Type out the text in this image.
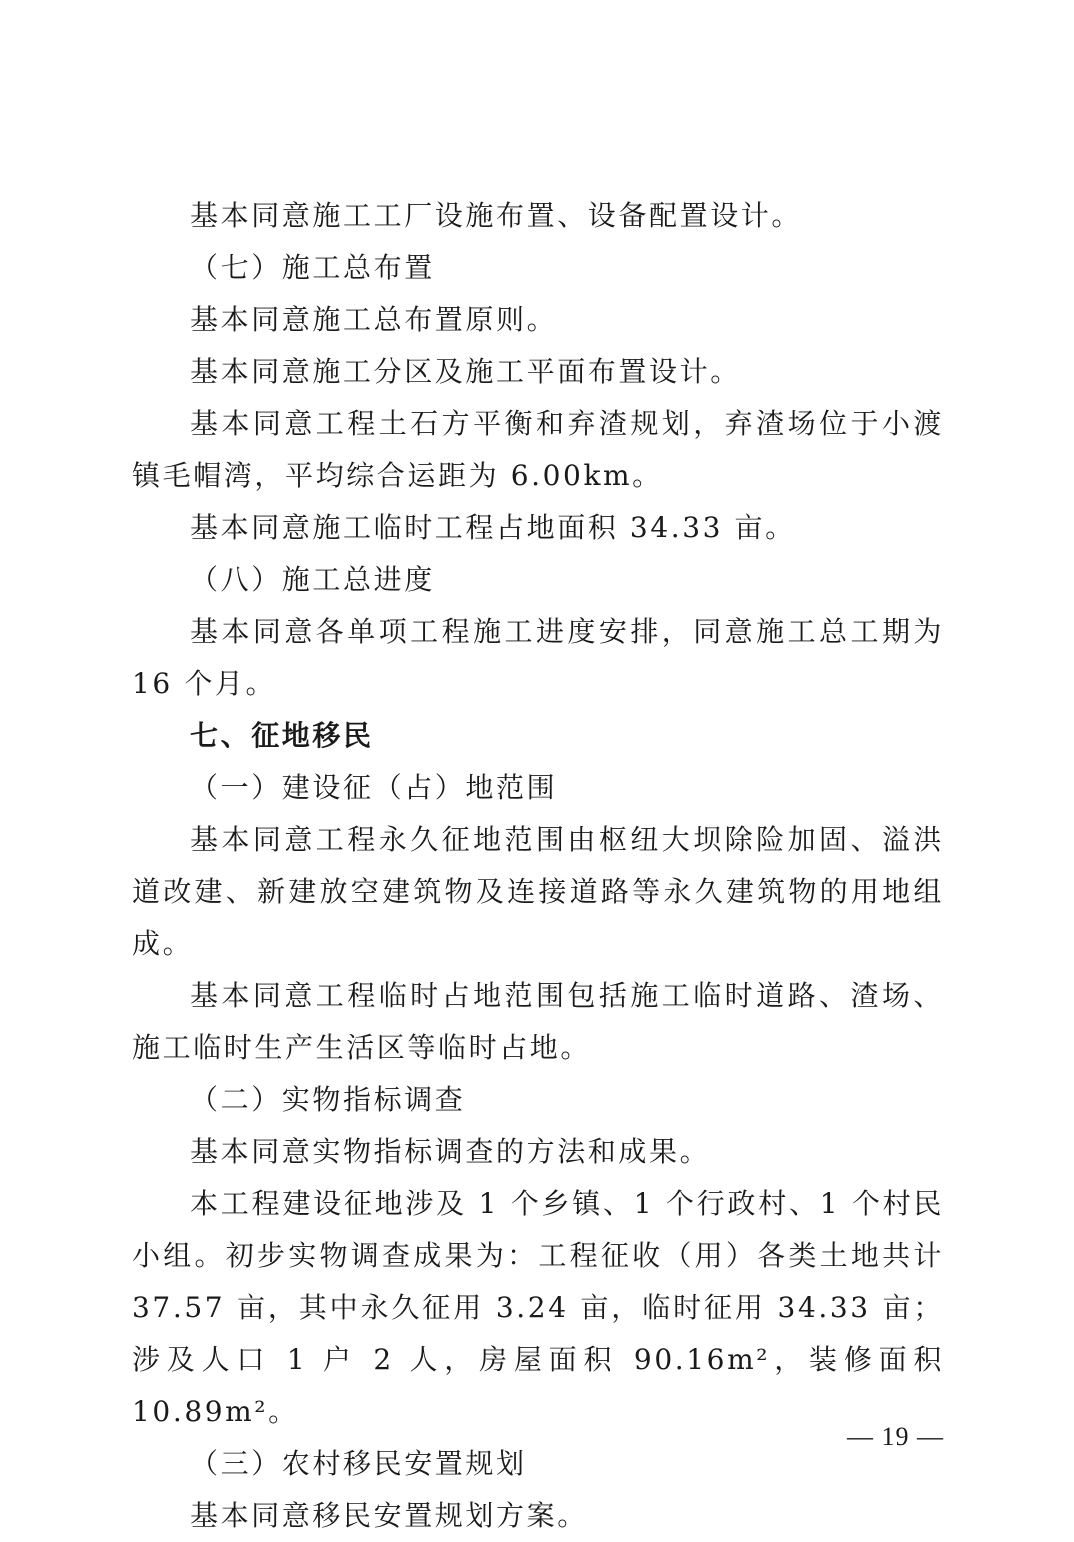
基本同意施工工厂设施布置、设备配置设计。

（七）施工总布置

基本同意施工总布置原则。

基本同意施工分区及施工平面布置设计。

基本同意工程土石方平衡和弃渣规划，弃渣场位于小渡镇毛帽湾，平均综合运距为 6.00km。

基本同意施工临时工程占地面积 34.33 亩。

（八）施工总进度

基本同意各单项工程施工进度安排，同意施工总工期为 16 个月。

七、征地移民

（一）建设征（占）地范围

基本同意工程永久征地范围由枢纽大坝除险加固、溢洪道改建、新建放空建筑物及连接道路等永久建筑物的用地组成。

基本同意工程临时占地范围包括施工临时道路、渣场、施工临时生产生活区等临时占地。

（二）实物指标调查

基本同意实物指标调查的方法和成果。

本工程建设征地涉及 1 个乡镇、1 个行政村、1 个村民小组。初步实物调查成果为：工程征收（用）各类土地共计 37.57 亩，其中永久征用 3.24 亩，临时征用 34.33 亩；涉及人口 1 户 2 人，房屋面积 90.16m²，装修面积 10.89m²。

（三）农村移民安置规划

基本同意移民安置规划方案。

— 19 —
